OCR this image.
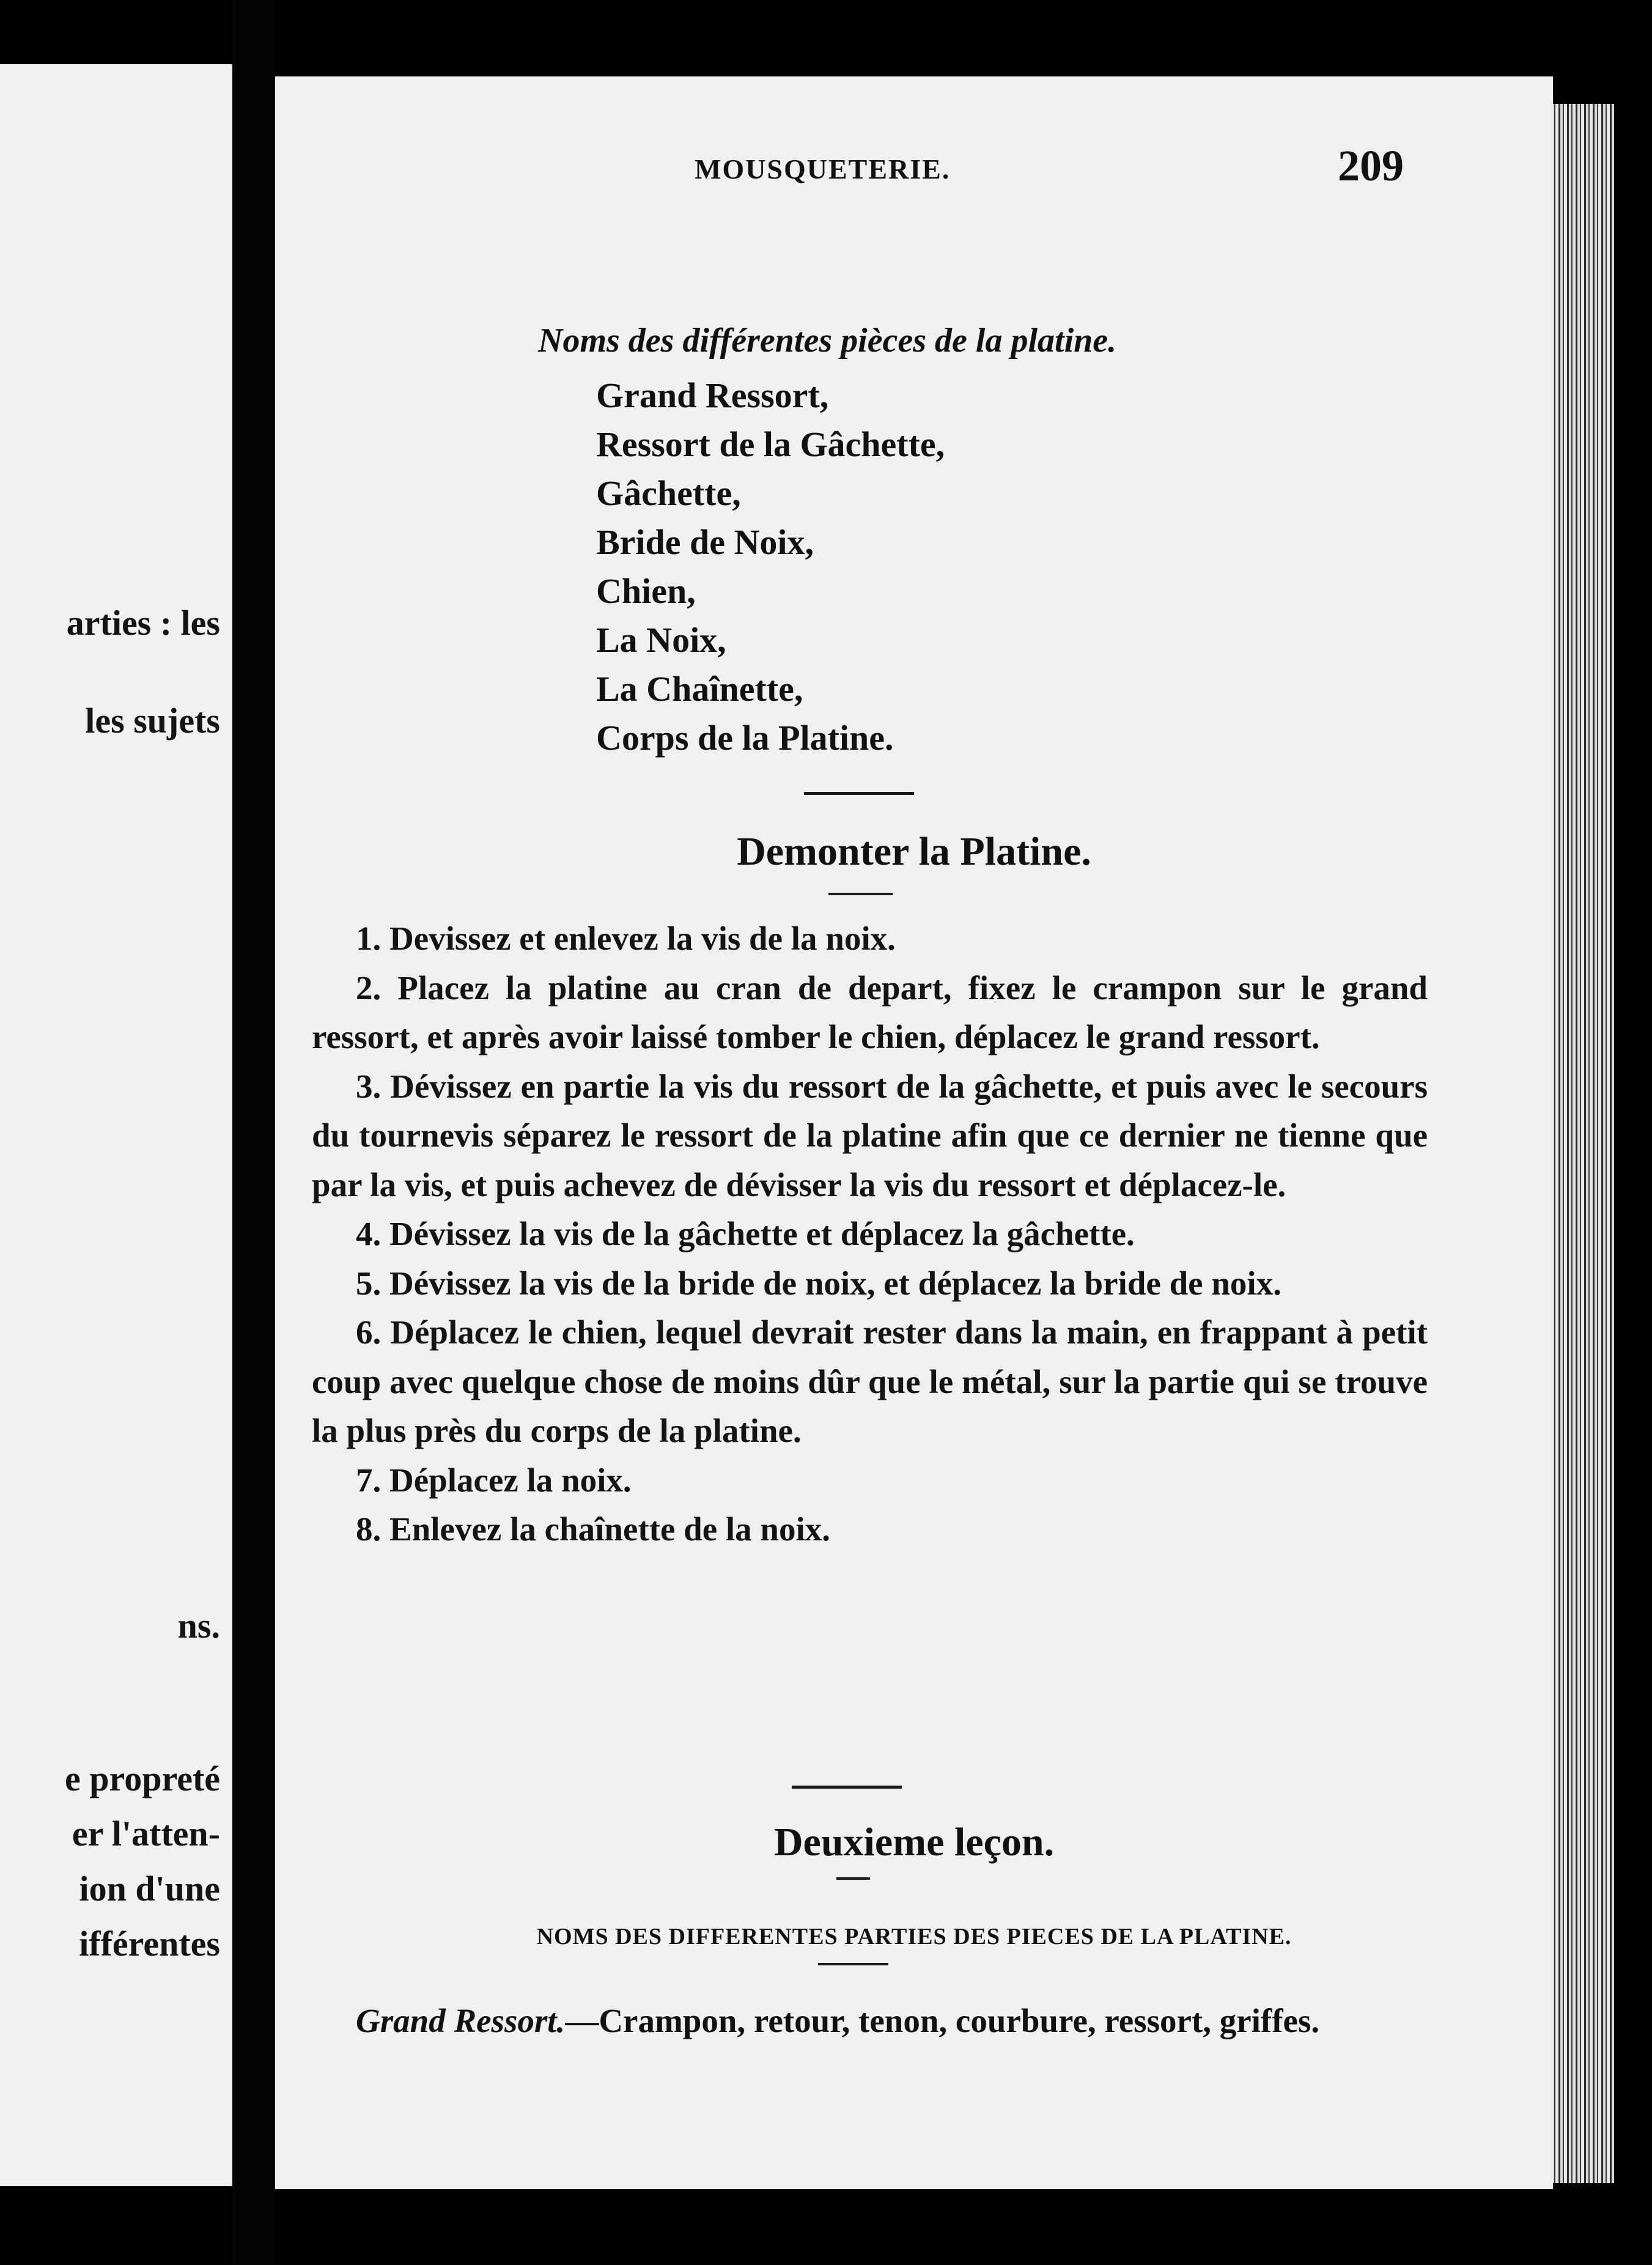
arties : les
les sujets
ns.
e propreté
er l'atten-
ion d'une
ifférentes
MOUSQUETERIE.	209
Noms des différentes pièces de la platine.
Grand Ressort,
Ressort de la Gâchette,
Gâchette,
Bride de Noix,
Chien,
La Noix,
La Chaînette,
Corps de la Platine.
Demonter la Platine.

1. Devissez et enlevez la vis de la noix.

2. Placez la platine au cran de depart, fixez le crampon sur le grand ressort, et après avoir laissé tomber le chien, déplacez le grand ressort.

3. Dévissez en partie la vis du ressort de la gâchette, et puis avec le secours du tournevis séparez le ressort de la platine afin que ce dernier ne tienne que par la vis, et puis achevez de dévisser la vis du ressort et déplacez-le.

4. Dévissez la vis de la gâchette et déplacez la gâchette.

5. Dévissez la vis de la bride de noix, et déplacez la bride de noix.

6. Déplacez le chien, lequel devrait rester dans la main, en frappant à petit coup avec quelque chose de moins dûr que le métal, sur la partie qui se trouve la plus près du corps de la platine.

7. Déplacez la noix.

8. Enlevez la chaînette de la noix.

Deuxieme leçon.
NOMS DES DIFFERENTES PARTIES DES PIECES DE LA PLATINE.
Grand Ressort.—Crampon, retour, tenon, courbure, ressort, griffes.
